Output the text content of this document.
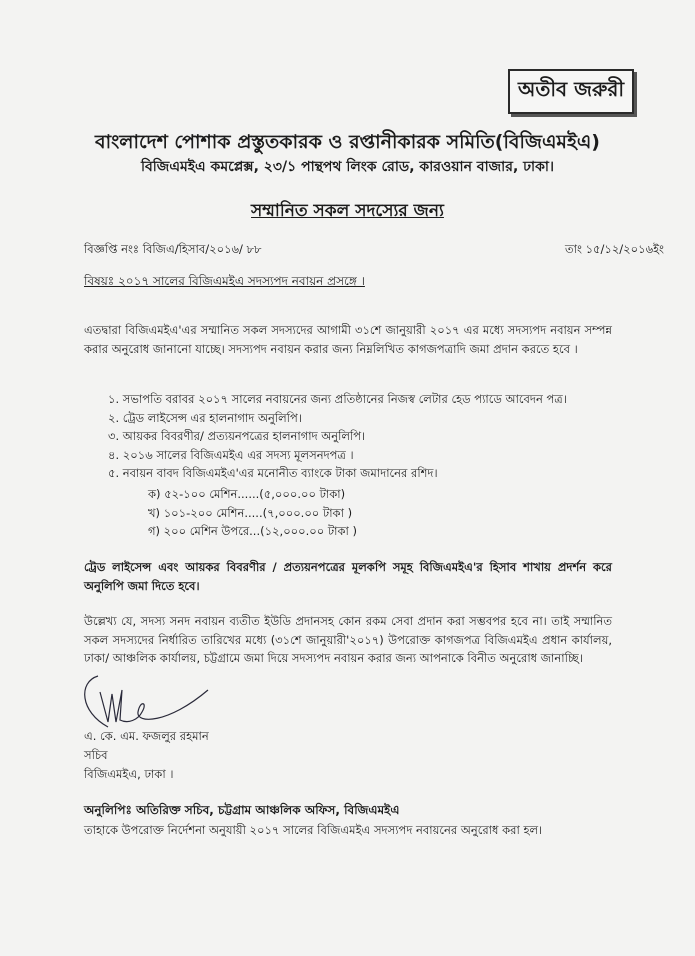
অতীব জরুরী
বাংলাদেশ পোশাক প্রস্তুতকারক ও রপ্তানীকারক সমিতি(বিজিএমইএ)
বিজিএমইএ কমপ্লেক্স, ২৩/১ পান্থপথ লিংক রোড, কারওয়ান বাজার, ঢাকা।
সম্মানিত সকল সদস্যের জন্য
বিজ্ঞপ্তি নংঃ বিজিএ/হিসাব/২০১৬/ ৮৮	তাং ১৫/১২/২০১৬ইং
বিষয়ঃ ২০১৭ সালের বিজিএমইএ সদস্যপদ নবায়ন প্রসঙ্গে ।
এতদ্বারা বিজিএমইএ'এর সম্মানিত সকল সদস্যদের আগামী ৩১শে জানুয়ারী ২০১৭ এর মধ্যে সদস্যপদ নবায়ন সম্পন্ন করার অনুরোধ জানানো যাচ্ছে। সদস্যপদ নবায়ন করার জন্য নিম্নলিখিত কাগজপত্রাদি জমা প্রদান করতে হবে ।
১. সভাপতি বরাবর ২০১৭ সালের নবায়নের জন্য প্রতিষ্ঠানের নিজস্ব লেটার হেড প্যাডে আবেদন পত্র।
২. ট্রেড লাইসেন্স এর হালনাগাদ অনুলিপি।
৩. আয়কর বিবরণীর/ প্রত্যয়নপত্রের হালনাগাদ অনুলিপি।
৪. ২০১৬ সালের বিজিএমইএ এর সদস্য মূলসনদপত্র ।
৫. নবায়ন বাবদ বিজিএমইএ'এর মনোনীত ব্যাংকে টাকা জমাদানের রশিদ।
ক) ৫২-১০০ মেশিন......(৫,০০০.০০ টাকা)
খ) ১০১-২০০ মেশিন.....(৭,০০০.০০ টাকা )
গ) ২০০ মেশিন উপরে...(১২,০০০.০০ টাকা )
ট্রেড লাইসেন্স এবং আয়কর বিবরণীর / প্রত্যয়নপত্রের মূলকপি সমূহ বিজিএমইএ'র হিসাব শাখায় প্রদর্শন করে অনুলিপি জমা দিতে হবে।
উল্লেখ্য যে, সদস্য সনদ নবায়ন ব্যতীত ইউডি প্রদানসহ কোন রকম সেবা প্রদান করা সম্ভবপর হবে না। তাই সম্মানিত সকল সদস্যদের নির্ধারিত তারিখের মধ্যে (৩১শে জানুয়ারী'২০১৭) উপরোক্ত কাগজপত্র বিজিএমইএ প্রধান কার্যালয়, ঢাকা/ আঞ্চলিক কার্যালয়, চট্টগ্রামে জমা দিয়ে সদস্যপদ নবায়ন করার জন্য আপনাকে বিনীত অনুরোধ জানাচ্ছি।
এ. কে. এম. ফজলুর রহমান
সচিব
বিজিএমইএ, ঢাকা ।
অনুলিপিঃ অতিরিক্ত সচিব, চট্টগ্রাম আঞ্চলিক অফিস, বিজিএমইএ
তাহাকে উপরোক্ত নির্দেশনা অনুযায়ী ২০১৭ সালের বিজিএমইএ সদস্যপদ নবায়নের অনুরোধ করা হল।
